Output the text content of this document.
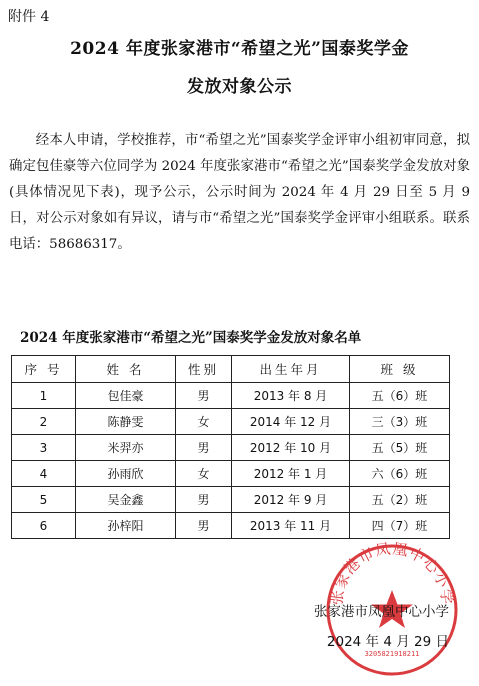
附件 4
2024 年度张家港市“希望之光”国泰奖学金
发放对象公示

经本人申请，学校推荐，市“希望之光”国泰奖学金评审小组初审同意，拟确定包佳豪等六位同学为 2024 年度张家港市“希望之光”国泰奖学金发放对象(具体情况见下表)，现予公示，公示时间为 2024 年 4 月 29 日至 5 月 9 日，对公示对象如有异议，请与市“希望之光”国泰奖学金评审小组联系。联系电话：58686317。

2024 年度张家港市“希望之光”国泰奖学金发放对象名单
序 号	姓 名	性别	出生年月	班 级
1	包佳豪	男	2013 年 8 月	五（6）班
2	陈静雯	女	2014 年 12 月	三（3）班
3	米羿亦	男	2012 年 10 月	五（5）班
4	孙雨欣	女	2012 年 1 月	六（6）班
5	吴金鑫	男	2012 年 9 月	五（2）班
6	孙梓阳	男	2013 年 11 月	四（7）班
张家港市凤凰中心小学
3205821918211
张家港市凤凰中心小学
2024 年 4 月 29 日
